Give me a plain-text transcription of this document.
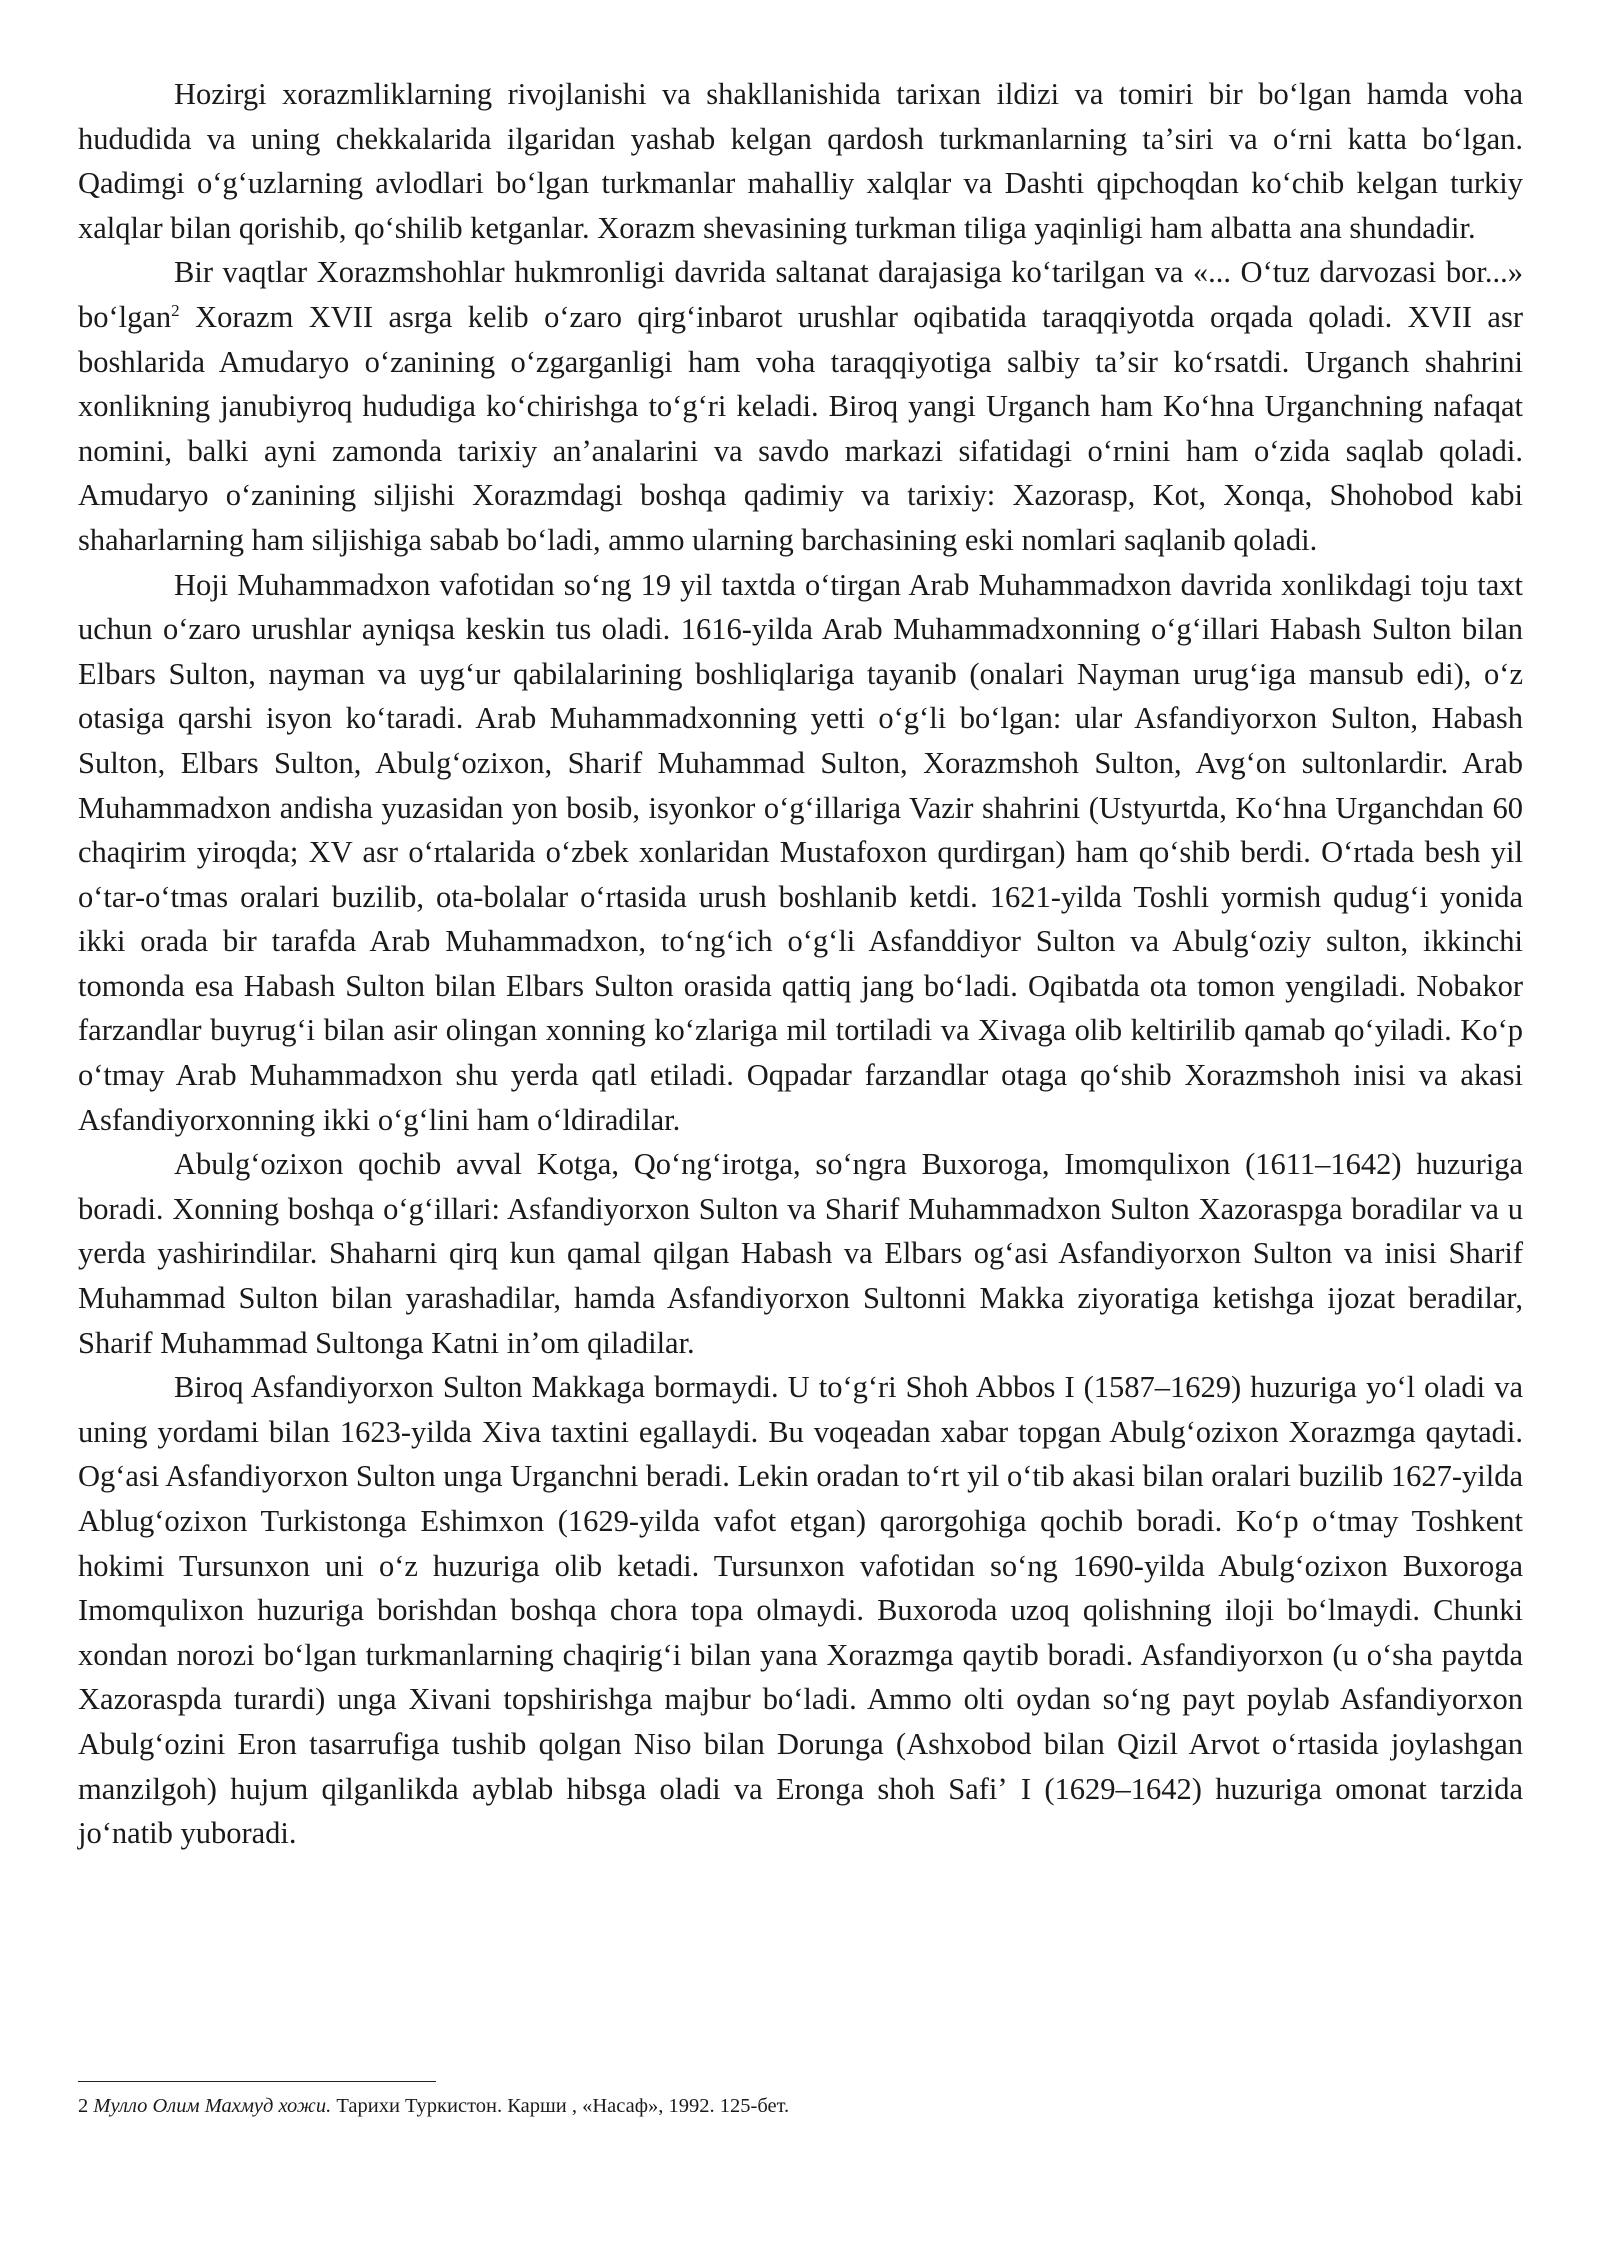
Hozirgi xorazmliklarning rivojlanishi va shakllanishida tarixan ildizi va tomiri bir boʻlgan hamda voha hududida va uning chekkalarida ilgaridan yashab kelgan qardosh turkmanlarning taʼsiri va oʻrni katta boʻlgan. Qadimgi oʻgʻuzlarning avlodlari boʻlgan turkmanlar mahalliy xalqlar va Dashti qipchoqdan koʻchib kelgan turkiy xalqlar bilan qorishib, qoʻshilib ketganlar. Xorazm shevasining turkman tiliga yaqinligi ham albatta ana shundadir.

Bir vaqtlar Xorazmshohlar hukmronligi davrida saltanat darajasiga koʻtarilgan va «... Oʻtuz darvozasi bor...» boʻlgan$^2$ Xorazm XVII asrga kelib oʻzaro qirgʻinbarot urushlar oqibatida taraqqiyotda orqada qoladi. XVII asr boshlarida Amudaryo oʻzanining oʻzgarganligi ham voha taraqqiyotiga salbiy taʼsir koʻrsatdi. Urganch shahrini xonlikning janubiyroq hududiga koʻchirishga toʻgʻri keladi. Biroq yangi Urganch ham Koʻhna Urganchning nafaqat nomini, balki ayni zamonda tarixiy anʼanalarini va savdo markazi sifatidagi oʻrnini ham oʻzida saqlab qoladi. Amudaryo oʻzanining siljishi Xorazmdagi boshqa qadimiy va tarixiy: Xazorasp, Kot, Xonqa, Shohobod kabi shaharlarning ham siljishiga sabab boʻladi, ammo ularning barchasining eski nomlari saqlanib qoladi.

Hoji Muhammadxon vafotidan soʻng 19 yil taxtda oʻtirgan Arab Muhammadxon davrida xonlikdagi toju taxt uchun oʻzaro urushlar ayniqsa keskin tus oladi. 1616-yilda Arab Muhammadxonning oʻgʻillari Habash Sulton bilan Elbars Sulton, nayman va uygʻur qabilalarining boshliqlariga tayanib (onalari Nayman urugʻiga mansub edi), oʻz otasiga qarshi isyon koʻtaradi. Arab Muhammadxonning yetti oʻgʻli boʻlgan: ular Asfandiyorxon Sulton, Habash Sulton, Elbars Sulton, Abulgʻozixon, Sharif Muhammad Sulton, Xorazmshoh Sulton, Avgʻon sultonlardir. Arab Muhammadxon andisha yuzasidan yon bosib, isyonkor oʻgʻillariga Vazir shahrini (Ustyurtda, Koʻhna Urganchdan 60 chaqirim yiroqda; XV asr oʻrtalarida oʻzbek xonlaridan Mustafoxon qurdirgan) ham qoʻshib berdi. Oʻrtada besh yil oʻtar-oʻtmas oralari buzilib, ota-bolalar oʻrtasida urush boshlanib ketdi. 1621-yilda Toshli yormish qudugʻi yonida ikki orada bir tarafda Arab Muhammadxon, toʻngʻich oʻgʻli Asfanddiyor Sulton va Abulgʻoziy sulton, ikkinchi tomonda esa Habash Sulton bilan Elbars Sulton orasida qattiq jang boʻladi. Oqibatda ota tomon yengiladi. Nobakor farzandlar buyrugʻi bilan asir olingan xonning koʻzlariga mil tortiladi va Xivaga olib keltirilib qamab qoʻyiladi. Koʻp oʻtmay Arab Muhammadxon shu yerda qatl etiladi. Oqpadar farzandlar otaga qoʻshib Xorazmshoh inisi va akasi Asfandiyorxonning ikki oʻgʻlini ham oʻldiradilar.

Abulgʻozixon qochib avval Kotga, Qoʻngʻirotga, soʻngra Buxoroga, Imomqulixon (1611–1642) huzuriga boradi. Xonning boshqa oʻgʻillari: Asfandiyorxon Sulton va Sharif Muhammadxon Sulton Xazoraspga boradilar va u yerda yashirindilar. Shaharni qirq kun qamal qilgan Habash va Elbars ogʻasi Asfandiyorxon Sulton va inisi Sharif Muhammad Sulton bilan yarashadilar, hamda Asfandiyorxon Sultonni Makka ziyoratiga ketishga ijozat beradilar, Sharif Muhammad Sultonga Katni inʼom qiladilar.

Biroq Asfandiyorxon Sulton Makkaga bormaydi. U toʻgʻri Shoh Abbos I (1587–1629) huzuriga yoʻl oladi va uning yordami bilan 1623-yilda Xiva taxtini egallaydi. Bu voqeadan xabar topgan Abulgʻozixon Xorazmga qaytadi. Ogʻasi Asfandiyorxon Sulton unga Urganchni beradi. Lekin oradan toʻrt yil oʻtib akasi bilan oralari buzilib 1627-yilda Ablugʻozixon Turkistonga Eshimxon (1629-yilda vafot etgan) qarorgohiga qochib boradi. Koʻp oʻtmay Toshkent hokimi Tursunxon uni oʻz huzuriga olib ketadi. Tursunxon vafotidan soʻng 1690-yilda Abulgʻozixon Buxoroga Imomqulixon huzuriga borishdan boshqa chora topa olmaydi. Buxoroda uzoq qolishning iloji boʻlmaydi. Chunki xondan norozi boʻlgan turkmanlarning chaqirigʻi bilan yana Xorazmga qaytib boradi. Asfandiyorxon (u oʻsha paytda Xazoraspda turardi) unga Xivani topshirishga majbur boʻladi. Ammo olti oydan soʻng payt poylab Asfandiyorxon Abulgʻozini Eron tasarrufiga tushib qolgan Niso bilan Dorunga (Ashxobod bilan Qizil Arvot oʻrtasida joylashgan manzilgoh) hujum qilganlikda ayblab hibsga oladi va Eronga shoh Safiʼ I (1629–1642) huzuriga omonat tarzida joʻnatib yuboradi.

2 Мулло Олим Махмуд хожи. Тарихи Туркистон. Карши , «Насаф», 1992. 125-бет.
